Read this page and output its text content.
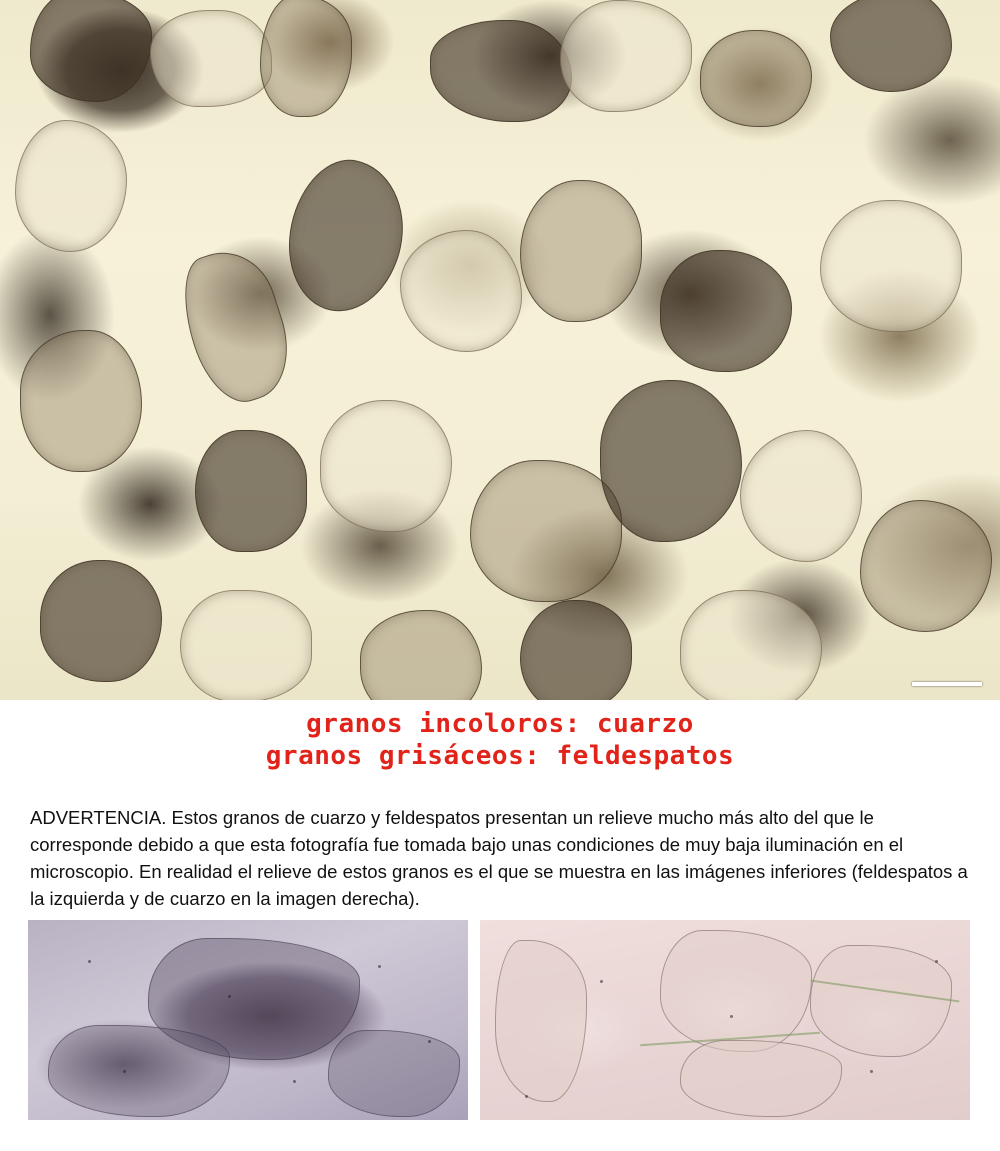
granos incoloros: cuarzo
granos grisáceos: feldespatos

ADVERTENCIA. Estos granos de cuarzo y feldespatos presentan un relieve mucho más alto del que le corresponde debido a que esta fotografía fue tomada bajo unas condiciones de muy baja iluminación en el microscopio. En realidad el relieve de estos granos es el que se muestra en las imágenes inferiores (feldespatos a la izquierda y de cuarzo en la imagen derecha).
